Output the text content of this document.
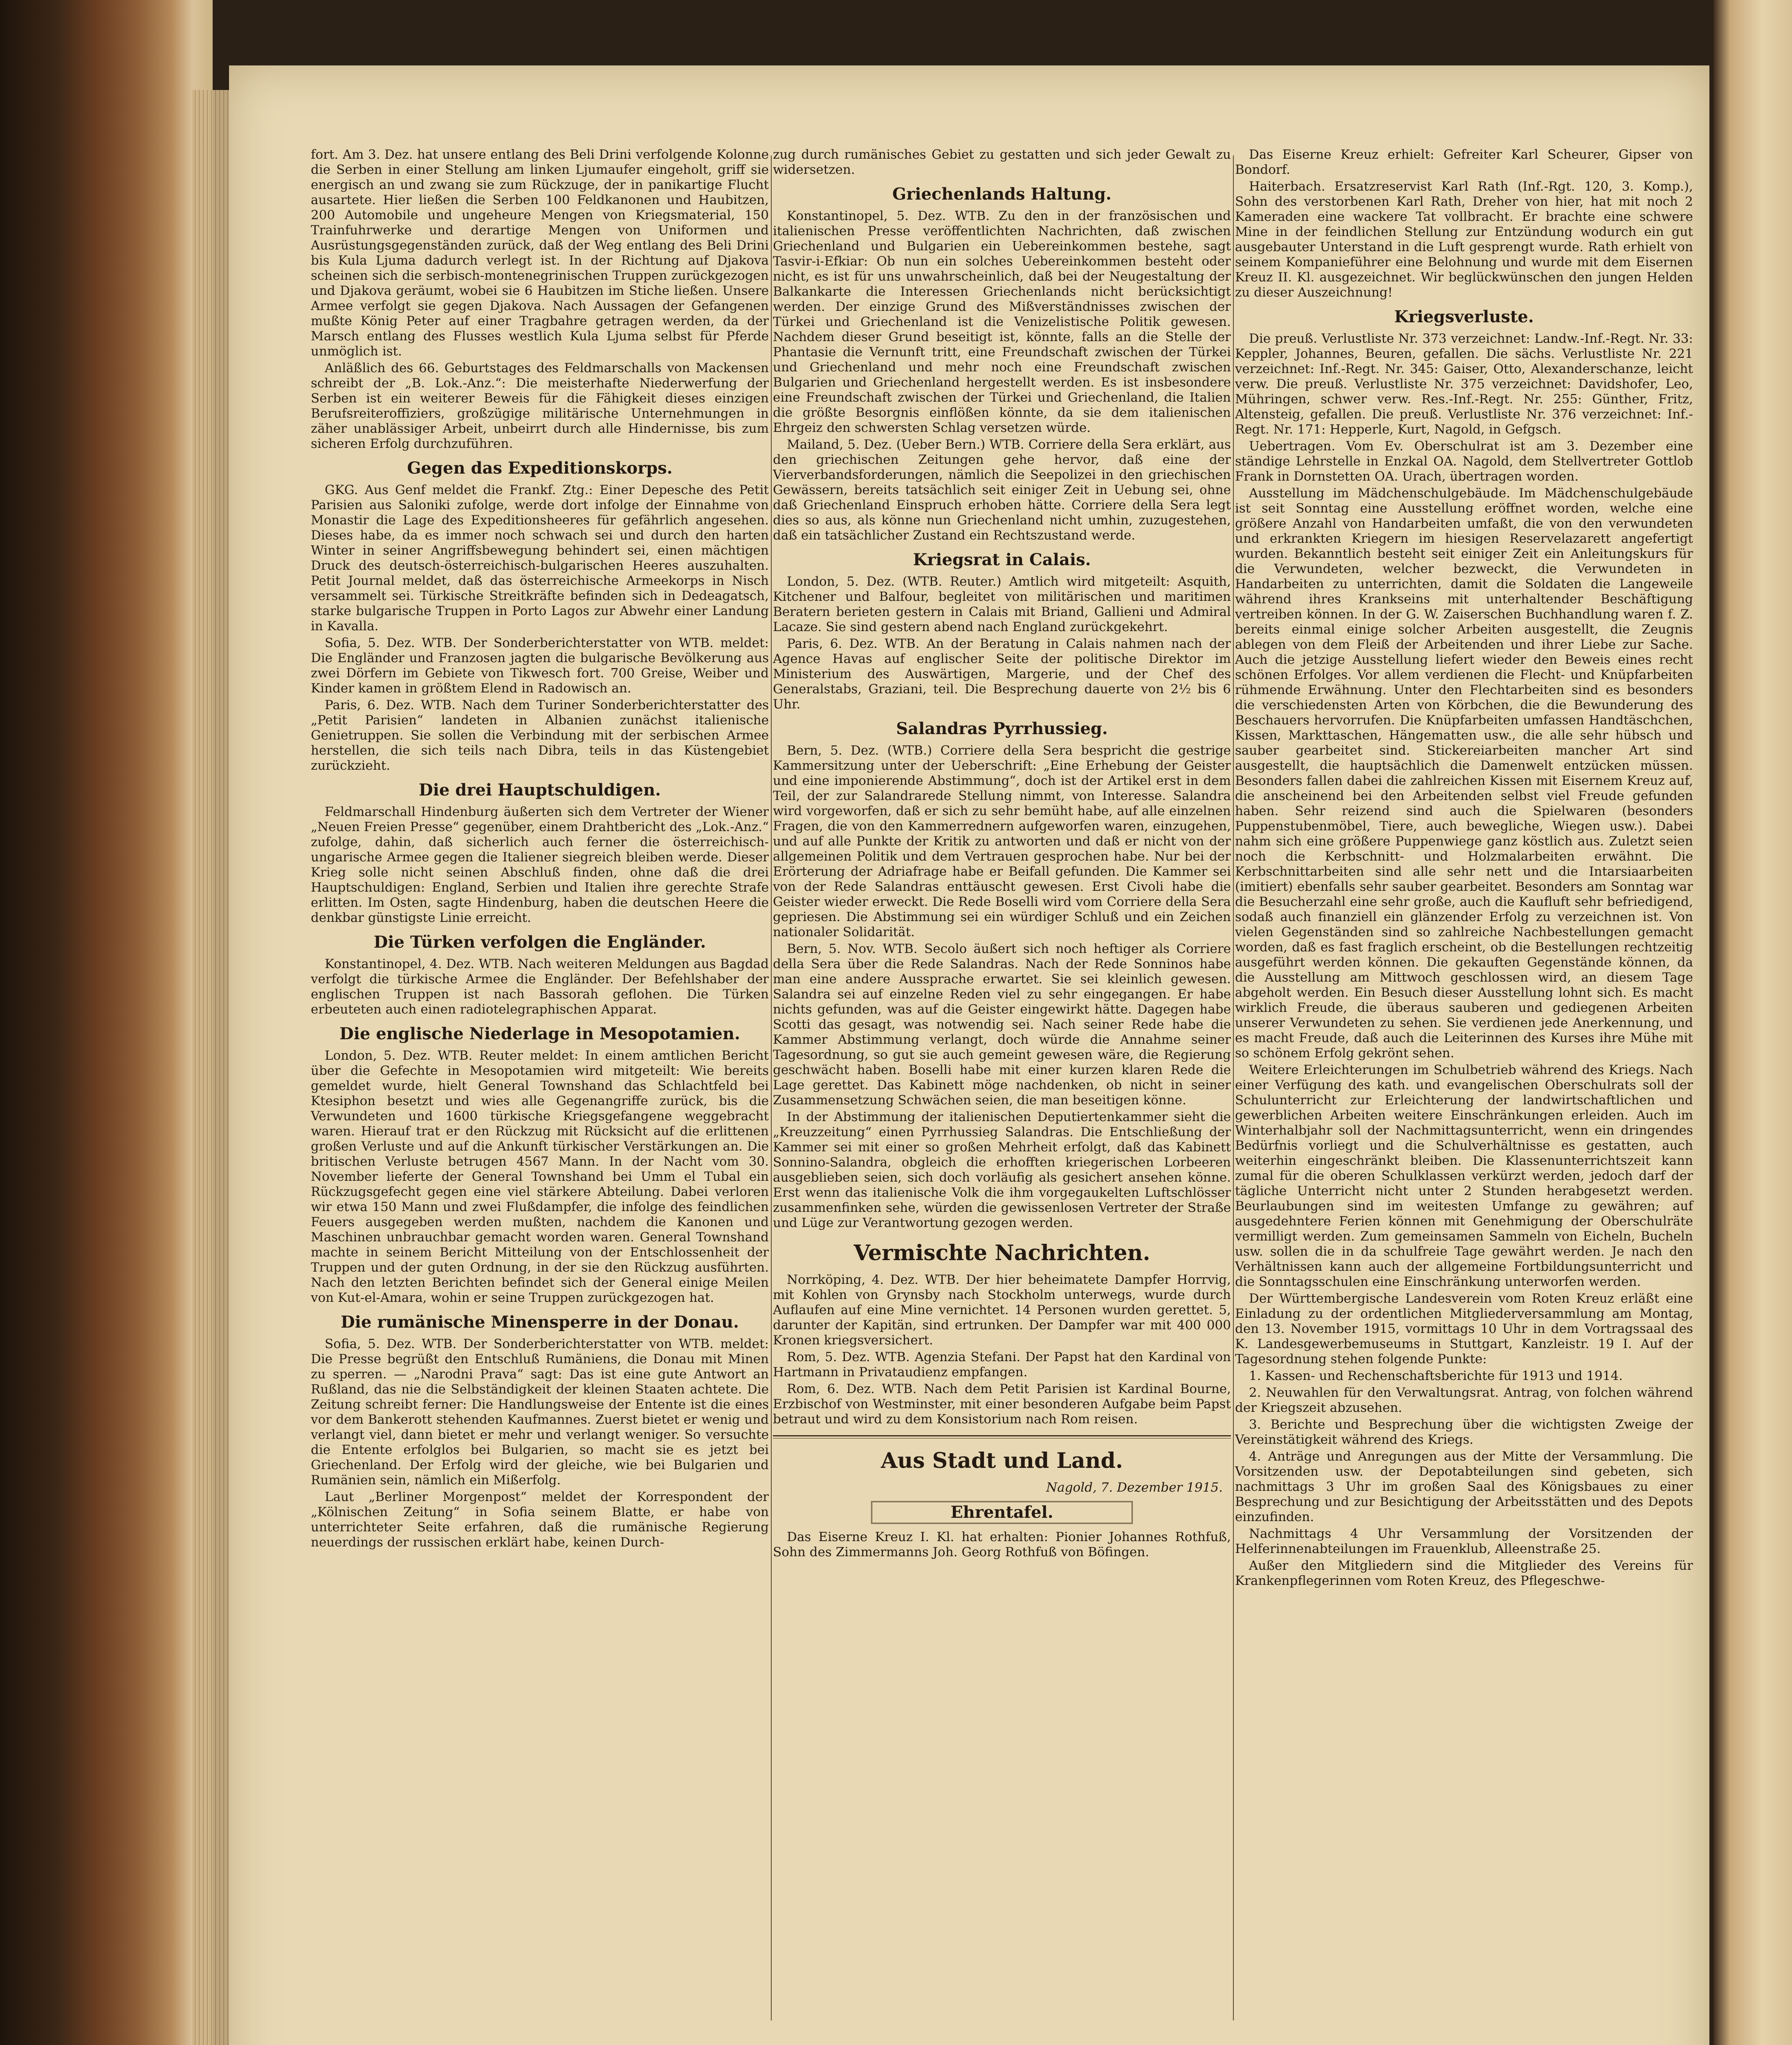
fort. Am 3. Dez. hat unsere entlang des Beli Drini verfolgende Kolonne die Serben in einer Stellung am linken Ljumaufer eingeholt, griff sie energisch an und zwang sie zum Rückzuge, der in panikartige Flucht ausartete. Hier ließen die Serben 100 Feldkanonen und Haubitzen, 200 Automobile und ungeheure Mengen von Kriegsmaterial, 150 Trainfuhrwerke und derartige Mengen von Uniformen und Ausrüstungsgegenständen zurück, daß der Weg entlang des Beli Drini bis Kula Ljuma dadurch verlegt ist. In der Richtung auf Djakova scheinen sich die serbisch-montenegrinischen Truppen zurückgezogen und Djakova geräumt, wobei sie 6 Haubitzen im Stiche ließen. Unsere Armee verfolgt sie gegen Djakova. Nach Aussagen der Gefangenen mußte König Peter auf einer Tragbahre getragen werden, da der Marsch entlang des Flusses westlich Kula Ljuma selbst für Pferde unmöglich ist.

Anläßlich des 66. Geburtstages des Feldmarschalls von Mackensen schreibt der „B. Lok.-Anz.“: Die meisterhafte Niederwerfung der Serben ist ein weiterer Beweis für die Fähigkeit dieses einzigen Berufsreiteroffiziers, großzügige militärische Unternehmungen in zäher unablässiger Arbeit, unbeirrt durch alle Hindernisse, bis zum sicheren Erfolg durchzuführen.

Gegen das Expeditionskorps.

GKG. Aus Genf meldet die Frankf. Ztg.: Einer Depesche des Petit Parisien aus Saloniki zufolge, werde dort infolge der Einnahme von Monastir die Lage des Expeditionsheeres für gefährlich angesehen. Dieses habe, da es immer noch schwach sei und durch den harten Winter in seiner Angriffsbewegung behindert sei, einen mächtigen Druck des deutsch-österreichisch-bulgarischen Heeres auszuhalten. Petit Journal meldet, daß das österreichische Armeekorps in Nisch versammelt sei. Türkische Streitkräfte befinden sich in Dedeagatsch, starke bulgarische Truppen in Porto Lagos zur Abwehr einer Landung in Kavalla.

Sofia, 5. Dez. WTB. Der Sonderberichterstatter von WTB. meldet: Die Engländer und Franzosen jagten die bulgarische Bevölkerung aus zwei Dörfern im Gebiete von Tikwesch fort. 700 Greise, Weiber und Kinder kamen in größtem Elend in Radowisch an.

Paris, 6. Dez. WTB. Nach dem Turiner Sonderberichterstatter des „Petit Parisien“ landeten in Albanien zunächst italienische Genietruppen. Sie sollen die Verbindung mit der serbischen Armee herstellen, die sich teils nach Dibra, teils in das Küstengebiet zurückzieht.

Die drei Hauptschuldigen.

Feldmarschall Hindenburg äußerten sich dem Vertreter der Wiener „Neuen Freien Presse“ gegenüber, einem Drahtbericht des „Lok.-Anz.“ zufolge, dahin, daß sicherlich auch ferner die österreichisch-ungarische Armee gegen die Italiener siegreich bleiben werde. Dieser Krieg solle nicht seinen Abschluß finden, ohne daß die drei Hauptschuldigen: England, Serbien und Italien ihre gerechte Strafe erlitten. Im Osten, sagte Hindenburg, haben die deutschen Heere die denkbar günstigste Linie erreicht.

Die Türken verfolgen die Engländer.

Konstantinopel, 4. Dez. WTB. Nach weiteren Meldungen aus Bagdad verfolgt die türkische Armee die Engländer. Der Befehlshaber der englischen Truppen ist nach Bassorah geflohen. Die Türken erbeuteten auch einen radiotelegraphischen Apparat.

Die englische Niederlage in Mesopotamien.

London, 5. Dez. WTB. Reuter meldet: In einem amtlichen Bericht über die Gefechte in Mesopotamien wird mitgeteilt: Wie bereits gemeldet wurde, hielt General Townshand das Schlachtfeld bei Ktesiphon besetzt und wies alle Gegenangriffe zurück, bis die Verwundeten und 1600 türkische Kriegsgefangene weggebracht waren. Hierauf trat er den Rückzug mit Rücksicht auf die erlittenen großen Verluste und auf die Ankunft türkischer Verstärkungen an. Die britischen Verluste betrugen 4567 Mann. In der Nacht vom 30. November lieferte der General Townshand bei Umm el Tubal ein Rückzugsgefecht gegen eine viel stärkere Abteilung. Dabei verloren wir etwa 150 Mann und zwei Flußdampfer, die infolge des feindlichen Feuers ausgegeben werden mußten, nachdem die Kanonen und Maschinen unbrauchbar gemacht worden waren. General Townshand machte in seinem Bericht Mitteilung von der Entschlossenheit der Truppen und der guten Ordnung, in der sie den Rückzug ausführten. Nach den letzten Berichten befindet sich der General einige Meilen von Kut-el-Amara, wohin er seine Truppen zurückgezogen hat.

Die rumänische Minensperre in der Donau.

Sofia, 5. Dez. WTB. Der Sonderberichterstatter von WTB. meldet: Die Presse begrüßt den Entschluß Rumäniens, die Donau mit Minen zu sperren. — „Narodni Prava“ sagt: Das ist eine gute Antwort an Rußland, das nie die Selbständigkeit der kleinen Staaten achtete. Die Zeitung schreibt ferner: Die Handlungsweise der Entente ist die eines vor dem Bankerott stehenden Kaufmannes. Zuerst bietet er wenig und verlangt viel, dann bietet er mehr und verlangt weniger. So versuchte die Entente erfolglos bei Bulgarien, so macht sie es jetzt bei Griechenland. Der Erfolg wird der gleiche, wie bei Bulgarien und Rumänien sein, nämlich ein Mißerfolg.

Laut „Berliner Morgenpost“ meldet der Korrespondent der „Kölnischen Zeitung“ in Sofia seinem Blatte, er habe von unterrichteter Seite erfahren, daß die rumänische Regierung neuerdings der russischen erklärt habe, keinen Durch-

zug durch rumänisches Gebiet zu gestatten und sich jeder Gewalt zu widersetzen.

Griechenlands Haltung.

Konstantinopel, 5. Dez. WTB. Zu den in der französischen und italienischen Presse veröffentlichten Nachrichten, daß zwischen Griechenland und Bulgarien ein Uebereinkommen bestehe, sagt Tasvir-i-Efkiar: Ob nun ein solches Uebereinkommen besteht oder nicht, es ist für uns unwahrscheinlich, daß bei der Neugestaltung der Balkankarte die Interessen Griechenlands nicht berücksichtigt werden. Der einzige Grund des Mißverständnisses zwischen der Türkei und Griechenland ist die Venizelistische Politik gewesen. Nachdem dieser Grund beseitigt ist, könnte, falls an die Stelle der Phantasie die Vernunft tritt, eine Freundschaft zwischen der Türkei und Griechenland und mehr noch eine Freundschaft zwischen Bulgarien und Griechenland hergestellt werden. Es ist insbesondere eine Freundschaft zwischen der Türkei und Griechenland, die Italien die größte Besorgnis einflößen könnte, da sie dem italienischen Ehrgeiz den schwersten Schlag versetzen würde.

Mailand, 5. Dez. (Ueber Bern.) WTB. Corriere della Sera erklärt, aus den griechischen Zeitungen gehe hervor, daß eine der Vierverbandsforderungen, nämlich die Seepolizei in den griechischen Gewässern, bereits tatsächlich seit einiger Zeit in Uebung sei, ohne daß Griechenland Einspruch erhoben hätte. Corriere della Sera legt dies so aus, als könne nun Griechenland nicht umhin, zuzugestehen, daß ein tatsächlicher Zustand ein Rechtszustand werde.

Kriegsrat in Calais.

London, 5. Dez. (WTB. Reuter.) Amtlich wird mitgeteilt: Asquith, Kitchener und Balfour, begleitet von militärischen und maritimen Beratern berieten gestern in Calais mit Briand, Gallieni und Admiral Lacaze. Sie sind gestern abend nach England zurückgekehrt.

Paris, 6. Dez. WTB. An der Beratung in Calais nahmen nach der Agence Havas auf englischer Seite der politische Direktor im Ministerium des Auswärtigen, Margerie, und der Chef des Generalstabs, Graziani, teil. Die Besprechung dauerte von 2½ bis 6 Uhr.

Salandras Pyrrhussieg.

Bern, 5. Dez. (WTB.) Corriere della Sera bespricht die gestrige Kammersitzung unter der Ueberschrift: „Eine Erhebung der Geister und eine imponierende Abstimmung“, doch ist der Artikel erst in dem Teil, der zur Salandrarede Stellung nimmt, von Interesse. Salandra wird vorgeworfen, daß er sich zu sehr bemüht habe, auf alle einzelnen Fragen, die von den Kammerrednern aufgeworfen waren, einzugehen, und auf alle Punkte der Kritik zu antworten und daß er nicht von der allgemeinen Politik und dem Vertrauen gesprochen habe. Nur bei der Erörterung der Adriafrage habe er Beifall gefunden. Die Kammer sei von der Rede Salandras enttäuscht gewesen. Erst Civoli habe die Geister wieder erweckt. Die Rede Boselli wird vom Corriere della Sera gepriesen. Die Abstimmung sei ein würdiger Schluß und ein Zeichen nationaler Solidarität.

Bern, 5. Nov. WTB. Secolo äußert sich noch heftiger als Corriere della Sera über die Rede Salandras. Nach der Rede Sonninos habe man eine andere Aussprache erwartet. Sie sei kleinlich gewesen. Salandra sei auf einzelne Reden viel zu sehr eingegangen. Er habe nichts gefunden, was auf die Geister eingewirkt hätte. Dagegen habe Scotti das gesagt, was notwendig sei. Nach seiner Rede habe die Kammer Abstimmung verlangt, doch würde die Annahme seiner Tagesordnung, so gut sie auch gemeint gewesen wäre, die Regierung geschwächt haben. Boselli habe mit einer kurzen klaren Rede die Lage gerettet. Das Kabinett möge nachdenken, ob nicht in seiner Zusammensetzung Schwächen seien, die man beseitigen könne.

In der Abstimmung der italienischen Deputiertenkammer sieht die „Kreuzzeitung“ einen Pyrrhussieg Salandras. Die Entschließung der Kammer sei mit einer so großen Mehrheit erfolgt, daß das Kabinett Sonnino-Salandra, obgleich die erhofften kriegerischen Lorbeeren ausgeblieben seien, sich doch vorläufig als gesichert ansehen könne. Erst wenn das italienische Volk die ihm vorgegaukelten Luftschlösser zusammenfinken sehe, würden die gewissenlosen Vertreter der Straße und Lüge zur Verantwortung gezogen werden.

Vermischte Nachrichten.

Norrköping, 4. Dez. WTB. Der hier beheimatete Dampfer Horrvig, mit Kohlen von Grynsby nach Stockholm unterwegs, wurde durch Auflaufen auf eine Mine vernichtet. 14 Personen wurden gerettet. 5, darunter der Kapitän, sind ertrunken. Der Dampfer war mit 400 000 Kronen kriegsversichert.

Rom, 5. Dez. WTB. Agenzia Stefani. Der Papst hat den Kardinal von Hartmann in Privataudienz empfangen.

Rom, 6. Dez. WTB. Nach dem Petit Parisien ist Kardinal Bourne, Erzbischof von Westminster, mit einer besonderen Aufgabe beim Papst betraut und wird zu dem Konsistorium nach Rom reisen.

Aus Stadt und Land.
Nagold, 7. Dezember 1915.
Ehrentafel.

Das Eiserne Kreuz I. Kl. hat erhalten: Pionier Johannes Rothfuß, Sohn des Zimmermanns Joh. Georg Rothfuß von Böfingen.

Das Eiserne Kreuz erhielt: Gefreiter Karl Scheurer, Gipser von Bondorf.

Haiterbach. Ersatzreservist Karl Rath (Inf.-Rgt. 120, 3. Komp.), Sohn des verstorbenen Karl Rath, Dreher von hier, hat mit noch 2 Kameraden eine wackere Tat vollbracht. Er brachte eine schwere Mine in der feindlichen Stellung zur Entzündung wodurch ein gut ausgebauter Unterstand in die Luft gesprengt wurde. Rath erhielt von seinem Kompanieführer eine Belohnung und wurde mit dem Eisernen Kreuz II. Kl. ausgezeichnet. Wir beglückwünschen den jungen Helden zu dieser Auszeichnung!

Kriegsverluste.

Die preuß. Verlustliste Nr. 373 verzeichnet: Landw.-Inf.-Regt. Nr. 33: Keppler, Johannes, Beuren, gefallen. Die sächs. Verlustliste Nr. 221 verzeichnet: Inf.-Regt. Nr. 345: Gaiser, Otto, Alexanderschanze, leicht verw. Die preuß. Verlustliste Nr. 375 verzeichnet: Davidshofer, Leo, Mühringen, schwer verw. Res.-Inf.-Regt. Nr. 255: Günther, Fritz, Altensteig, gefallen. Die preuß. Verlustliste Nr. 376 verzeichnet: Inf.-Regt. Nr. 171: Hepperle, Kurt, Nagold, in Gefgsch.

Uebertragen. Vom Ev. Oberschulrat ist am 3. Dezember eine ständige Lehrstelle in Enzkal OA. Nagold, dem Stellvertreter Gottlob Frank in Dornstetten OA. Urach, übertragen worden.

Ausstellung im Mädchenschulgebäude. Im Mädchenschulgebäude ist seit Sonntag eine Ausstellung eröffnet worden, welche eine größere Anzahl von Handarbeiten umfaßt, die von den verwundeten und erkrankten Kriegern im hiesigen Reservelazarett angefertigt wurden. Bekanntlich besteht seit einiger Zeit ein Anleitungskurs für die Verwundeten, welcher bezweckt, die Verwundeten in Handarbeiten zu unterrichten, damit die Soldaten die Langeweile während ihres Krankseins mit unterhaltender Beschäftigung vertreiben können. In der G. W. Zaiserschen Buchhandlung waren f. Z. bereits einmal einige solcher Arbeiten ausgestellt, die Zeugnis ablegen von dem Fleiß der Arbeitenden und ihrer Liebe zur Sache. Auch die jetzige Ausstellung liefert wieder den Beweis eines recht schönen Erfolges. Vor allem verdienen die Flecht- und Knüpfarbeiten rühmende Erwähnung. Unter den Flechtarbeiten sind es besonders die verschiedensten Arten von Körbchen, die die Bewunderung des Beschauers hervorrufen. Die Knüpfarbeiten umfassen Handtäschchen, Kissen, Markttaschen, Hängematten usw., die alle sehr hübsch und sauber gearbeitet sind. Stickereiarbeiten mancher Art sind ausgestellt, die hauptsächlich die Damenwelt entzücken müssen. Besonders fallen dabei die zahlreichen Kissen mit Eisernem Kreuz auf, die anscheinend bei den Arbeitenden selbst viel Freude gefunden haben. Sehr reizend sind auch die Spielwaren (besonders Puppenstubenmöbel, Tiere, auch bewegliche, Wiegen usw.). Dabei nahm sich eine größere Puppenwiege ganz köstlich aus. Zuletzt seien noch die Kerbschnitt- und Holzmalarbeiten erwähnt. Die Kerbschnittarbeiten sind alle sehr nett und die Intarsiaarbeiten (imitiert) ebenfalls sehr sauber gearbeitet. Besonders am Sonntag war die Besucherzahl eine sehr große, auch die Kaufluft sehr befriedigend, sodaß auch finanziell ein glänzender Erfolg zu verzeichnen ist. Von vielen Gegenständen sind so zahlreiche Nachbestellungen gemacht worden, daß es fast fraglich erscheint, ob die Bestellungen rechtzeitig ausgeführt werden können. Die gekauften Gegenstände können, da die Ausstellung am Mittwoch geschlossen wird, an diesem Tage abgeholt werden. Ein Besuch dieser Ausstellung lohnt sich. Es macht wirklich Freude, die überaus sauberen und gediegenen Arbeiten unserer Verwundeten zu sehen. Sie verdienen jede Anerkennung, und es macht Freude, daß auch die Leiterinnen des Kurses ihre Mühe mit so schönem Erfolg gekrönt sehen.

Weitere Erleichterungen im Schulbetrieb während des Kriegs. Nach einer Verfügung des kath. und evangelischen Oberschulrats soll der Schulunterricht zur Erleichterung der landwirtschaftlichen und gewerblichen Arbeiten weitere Einschränkungen erleiden. Auch im Winterhalbjahr soll der Nachmittagsunterricht, wenn ein dringendes Bedürfnis vorliegt und die Schulverhältnisse es gestatten, auch weiterhin eingeschränkt bleiben. Die Klassenunterrichtszeit kann zumal für die oberen Schulklassen verkürzt werden, jedoch darf der tägliche Unterricht nicht unter 2 Stunden herabgesetzt werden. Beurlaubungen sind im weitesten Umfange zu gewähren; auf ausgedehntere Ferien können mit Genehmigung der Oberschulräte vermilligt werden. Zum gemeinsamen Sammeln von Eicheln, Bucheln usw. sollen die in da schulfreie Tage gewährt werden. Je nach den Verhältnissen kann auch der allgemeine Fortbildungsunterricht und die Sonntagsschulen eine Einschränkung unterworfen werden.

Der Württembergische Landesverein vom Roten Kreuz erläßt eine Einladung zu der ordentlichen Mitgliederversammlung am Montag, den 13. November 1915, vormittags 10 Uhr in dem Vortragssaal des K. Landesgewerbemuseums in Stuttgart, Kanzleistr. 19 I. Auf der Tagesordnung stehen folgende Punkte:

1. Kassen- und Rechenschaftsberichte für 1913 und 1914.

2. Neuwahlen für den Verwaltungsrat. Antrag, von folchen während der Kriegszeit abzusehen.

3. Berichte und Besprechung über die wichtigsten Zweige der Vereinstätigkeit während des Kriegs.

4. Anträge und Anregungen aus der Mitte der Versammlung. Die Vorsitzenden usw. der Depotabteilungen sind gebeten, sich nachmittags 3 Uhr im großen Saal des Königsbaues zu einer Besprechung und zur Besichtigung der Arbeitsstätten und des Depots einzufinden.

Nachmittags 4 Uhr Versammlung der Vorsitzenden der Helferinnenabteilungen im Frauenklub, Alleenstraße 25.

Außer den Mitgliedern sind die Mitglieder des Vereins für Krankenpflegerinnen vom Roten Kreuz, des Pflegeschwe-
